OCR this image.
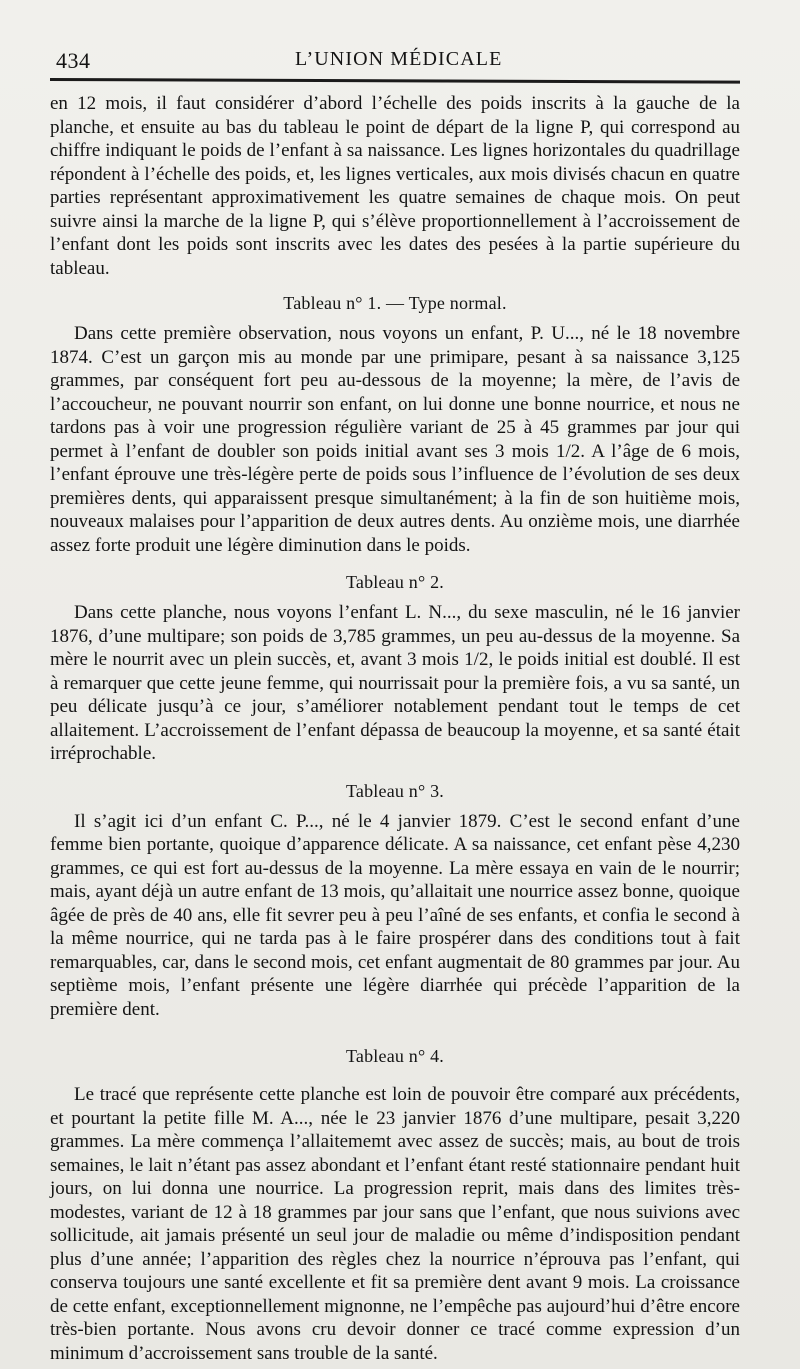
434	L’UNION MÉDICALE

en 12 mois, il faut considérer d’abord l’échelle des poids inscrits à la gauche de la planche, et ensuite au bas du tableau le point de départ de la ligne P, qui correspond au chiffre indiquant le poids de l’enfant à sa naissance. Les lignes horizontales du quadrillage répondent à l’échelle des poids, et, les lignes verticales, aux mois divisés chacun en quatre parties représentant approximativement les quatre semaines de chaque mois. On peut suivre ainsi la marche de la ligne P, qui s’élève proportionnellement à l’accroissement de l’enfant dont les poids sont inscrits avec les dates des pesées à la partie supérieure du tableau.

Tableau n° 1. — Type normal.

Dans cette première observation, nous voyons un enfant, P. U..., né le 18 novembre 1874. C’est un garçon mis au monde par une primipare, pesant à sa naissance 3,125 grammes, par conséquent fort peu au-dessous de la moyenne; la mère, de l’avis de l’accoucheur, ne pouvant nourrir son enfant, on lui donne une bonne nourrice, et nous ne tardons pas à voir une progression régulière variant de 25 à 45 grammes par jour qui permet à l’enfant de doubler son poids initial avant ses 3 mois 1/2. A l’âge de 6 mois, l’enfant éprouve une très-légère perte de poids sous l’influence de l’évolution de ses deux premières dents, qui apparaissent presque simultanément; à la fin de son huitième mois, nouveaux malaises pour l’apparition de deux autres dents. Au onzième mois, une diarrhée assez forte produit une légère diminution dans le poids.

Tableau n° 2.

Dans cette planche, nous voyons l’enfant L. N..., du sexe masculin, né le 16 janvier 1876, d’une multipare; son poids de 3,785 grammes, un peu au-dessus de la moyenne. Sa mère le nourrit avec un plein succès, et, avant 3 mois 1/2, le poids initial est doublé. Il est à remarquer que cette jeune femme, qui nourrissait pour la première fois, a vu sa santé, un peu délicate jusqu’à ce jour, s’améliorer notablement pendant tout le temps de cet allaitement. L’accroissement de l’enfant dépassa de beaucoup la moyenne, et sa santé était irréprochable.

Tableau n° 3.

Il s’agit ici d’un enfant C. P..., né le 4 janvier 1879. C’est le second enfant d’une femme bien portante, quoique d’apparence délicate. A sa naissance, cet enfant pèse 4,230 grammes, ce qui est fort au-dessus de la moyenne. La mère essaya en vain de le nourrir; mais, ayant déjà un autre enfant de 13 mois, qu’allaitait une nourrice assez bonne, quoique âgée de près de 40 ans, elle fit sevrer peu à peu l’aîné de ses enfants, et confia le second à la même nourrice, qui ne tarda pas à le faire prospérer dans des conditions tout à fait remarquables, car, dans le second mois, cet enfant augmentait de 80 grammes par jour. Au septième mois, l’enfant présente une légère diarrhée qui précède l’apparition de la première dent.

Tableau n° 4.

Le tracé que représente cette planche est loin de pouvoir être comparé aux précédents, et pourtant la petite fille M. A..., née le 23 janvier 1876 d’une multipare, pesait 3,220 grammes. La mère commença l’allaitememt avec assez de succès; mais, au bout de trois semaines, le lait n’étant pas assez abondant et l’enfant étant resté stationnaire pendant huit jours, on lui donna une nourrice. La progression reprit, mais dans des limites très-modestes, variant de 12 à 18 grammes par jour sans que l’enfant, que nous suivions avec sollicitude, ait jamais présenté un seul jour de maladie ou même d’indisposition pendant plus d’une année; l’apparition des règles chez la nourrice n’éprouva pas l’enfant, qui conserva toujours une santé excellente et fit sa première dent avant 9 mois. La croissance de cette enfant, exceptionnellement mignonne, ne l’empêche pas aujourd’hui d’être encore très-bien portante. Nous avons cru devoir donner ce tracé comme expression d’un minimum d’accroissement sans trouble de la santé.
